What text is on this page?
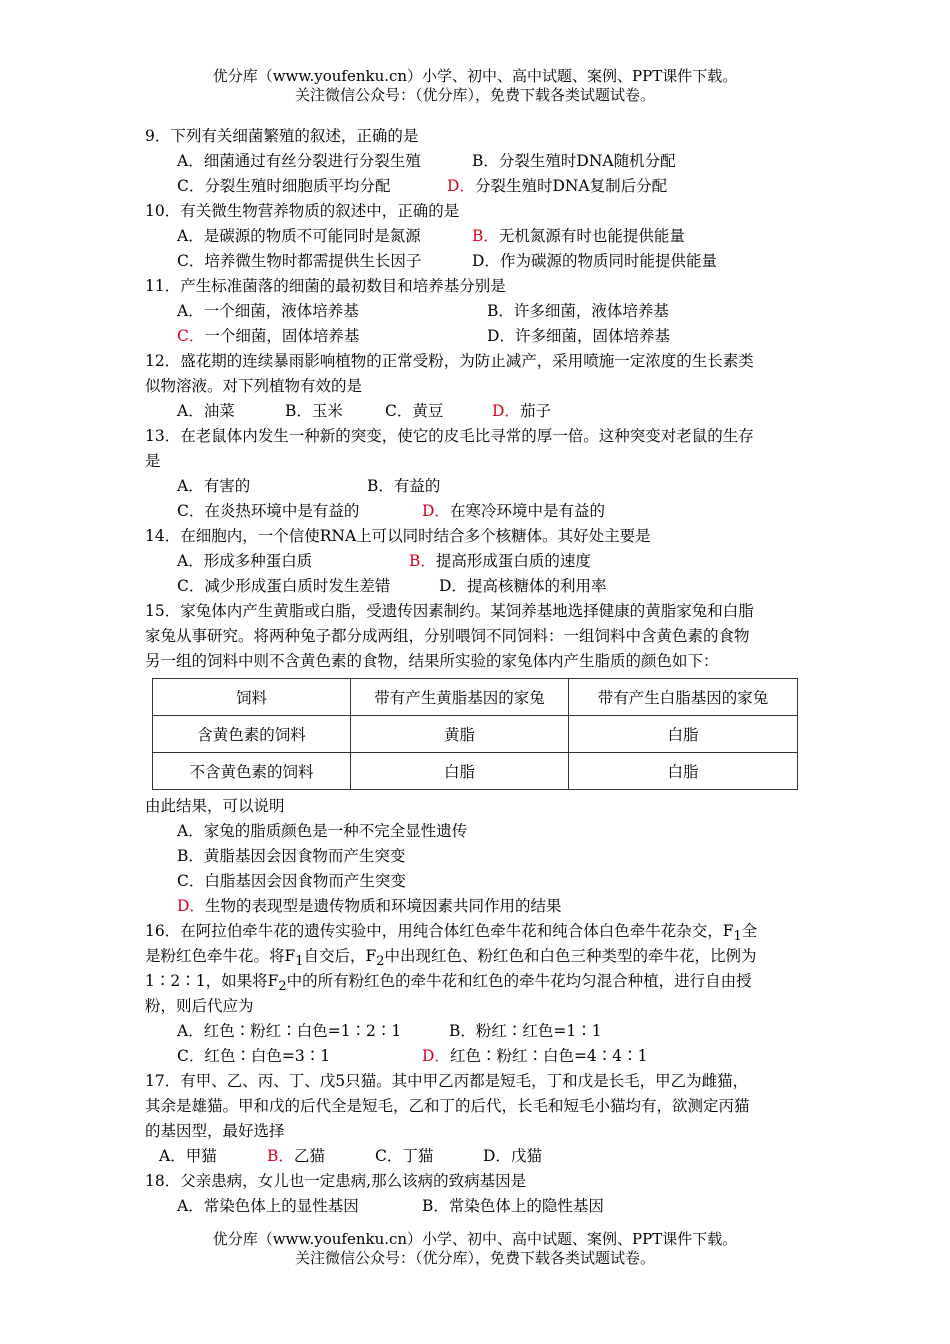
优分库（www.youfenku.cn）小学、初中、高中试题、案例、PPT课件下载。
关注微信公众号：（优分库），免费下载各类试题试卷。
9．下列有关细菌繁殖的叙述，正确的是
A．细菌通过有丝分裂进行分裂生殖	B．分裂生殖时DNA随机分配
C．分裂生殖时细胞质平均分配	D．分裂生殖时DNA复制后分配
10．有关微生物营养物质的叙述中，正确的是
A．是碳源的物质不可能同时是氮源	B．无机氮源有时也能提供能量
C．培养微生物时都需提供生长因子	D．作为碳源的物质同时能提供能量
11．产生标准菌落的细菌的最初数目和培养基分别是
A．一个细菌，液体培养基	B．许多细菌，液体培养基
C．一个细菌，固体培养基	D．许多细菌，固体培养基
12．盛花期的连续暴雨影响植物的正常受粉，为防止减产，采用喷施一定浓度的生长素类
似物溶液。对下列植物有效的是
A．油菜	B．玉米	C．黄豆	D．茄子
13．在老鼠体内发生一种新的突变，使它的皮毛比寻常的厚一倍。这种突变对老鼠的生存
是
A．有害的	B．有益的
C．在炎热环境中是有益的	D．在寒冷环境中是有益的
14．在细胞内，一个信使RNA上可以同时结合多个核糖体。其好处主要是
A．形成多种蛋白质	B．提高形成蛋白质的速度
C．减少形成蛋白质时发生差错	D．提高核糖体的利用率
15．家兔体内产生黄脂或白脂，受遗传因素制约。某饲养基地选择健康的黄脂家兔和白脂
家兔从事研究。将两种兔子都分成两组，分别喂饲不同饲料：一组饲料中含黄色素的食物
另一组的饲料中则不含黄色素的食物，结果所实验的家兔体内产生脂质的颜色如下：
饲料	带有产生黄脂基因的家兔	带有产生白脂基因的家兔
含黄色素的饲料	黄脂	白脂
不含黄色素的饲料	白脂	白脂
由此结果，可以说明
A．家兔的脂质颜色是一种不完全显性遗传
B．黄脂基因会因食物而产生突变
C．白脂基因会因食物而产生突变
D．生物的表现型是遗传物质和环境因素共同作用的结果
16．在阿拉伯牵牛花的遗传实验中，用纯合体红色牵牛花和纯合体白色牵牛花杂交，$F_1$全
是粉红色牵牛花。将$F_1$自交后，$F_2$中出现红色、粉红色和白色三种类型的牵牛花，比例为
1∶2∶1，如果将$F_2$中的所有粉红色的牵牛花和红色的牵牛花均匀混合种植，进行自由授
粉，则后代应为
A．红色∶粉红∶白色=1∶2∶1	B．粉红∶红色=1∶1
C．红色∶白色=3∶1	D．红色∶粉红∶白色=4∶4∶1
17．有甲、乙、丙、丁、戊5只猫。其中甲乙丙都是短毛，丁和戊是长毛，甲乙为雌猫，
其余是雄猫。甲和戊的后代全是短毛，乙和丁的后代，长毛和短毛小猫均有，欲测定丙猫
的基因型，最好选择
A．甲猫	B．乙猫	C．丁猫	D．戊猫
18．父亲患病，女儿也一定患病,那么该病的致病基因是
A．常染色体上的显性基因	B．常染色体上的隐性基因
优分库（www.youfenku.cn）小学、初中、高中试题、案例、PPT课件下载。
关注微信公众号：（优分库），免费下载各类试题试卷。
